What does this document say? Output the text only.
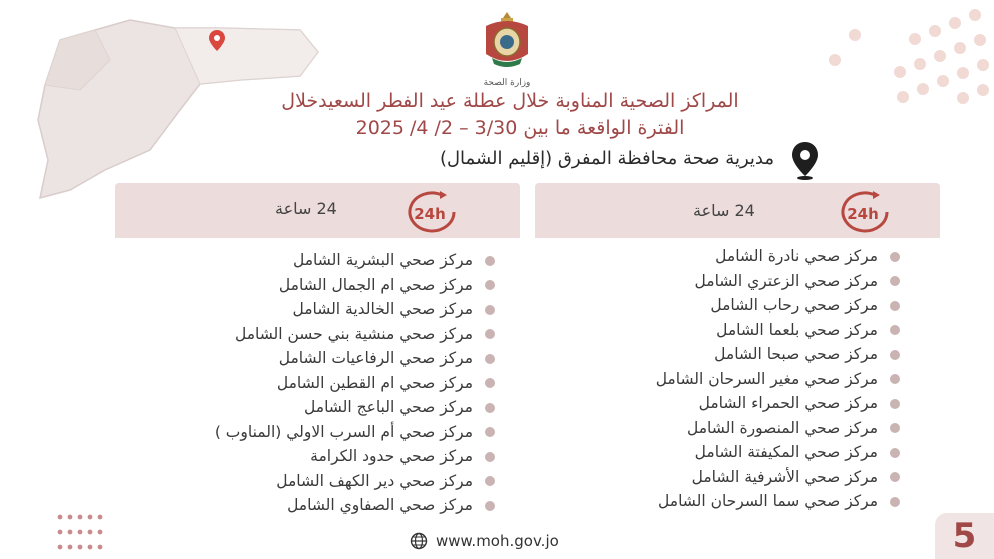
وزارة الصحة
المراكز الصحية المناوبة خلال عطلة عيد الفطر السعيدخلال
الفترة الواقعة ما بين 3/30 – 2/ 4/ 2025
مديرية صحة محافظة المفرق (إقليم الشمال)
24 ساعة	24h
مركز صحي نادرة الشامل
مركز صحي الزعتري الشامل
مركز صحي رحاب الشامل
مركز صحي بلعما الشامل
مركز صحي صبحا الشامل
مركز صحي مغير السرحان الشامل
مركز صحي الحمراء الشامل
مركز صحي المنصورة الشامل
مركز صحي المكيفتة الشامل
مركز صحي الأشرفية الشامل
مركز صحي سما السرحان الشامل
24 ساعة	24h
مركز صحي البشرية الشامل
مركز صحي ام الجمال الشامل
مركز صحي الخالدية الشامل
مركز صحي منشية بني حسن الشامل
مركز صحي الرفاعيات الشامل
مركز صحي ام القطين الشامل
مركز صحي الباعج الشامل
مركز صحي أم السرب الاولي (المناوب )
مركز صحي حدود الكرامة
مركز صحي دير الكهف الشامل
مركز صحي الصفاوي الشامل
www.moh.gov.jo	5
